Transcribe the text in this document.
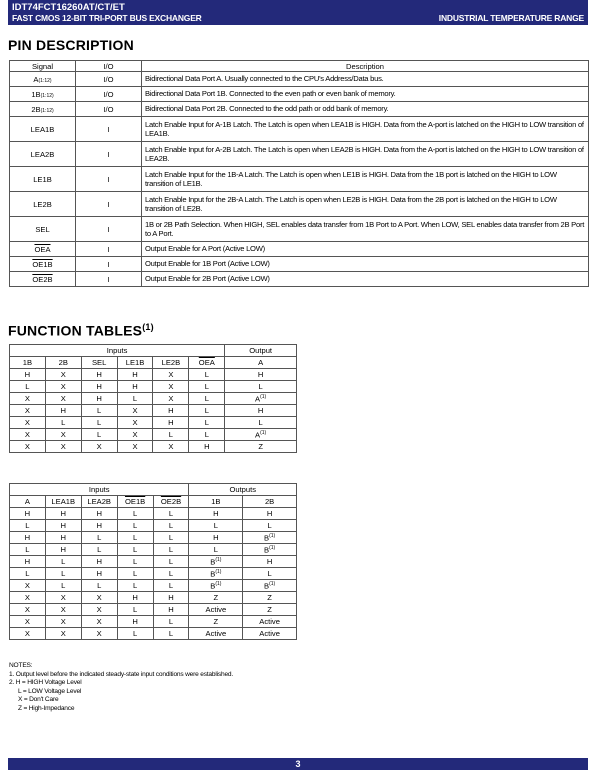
IDT74FCT16260AT/CT/ET
FAST CMOS 12-BIT TRI-PORT BUS EXCHANGER	INDUSTRIAL TEMPERATURE RANGE
PIN DESCRIPTION
Signal	I/O	Description
A(1:12)	I/O	Bidirectional Data Port A. Usually connected to the CPU's Address/Data bus.
1B(1:12)	I/O	Bidirectional Data Port 1B. Connected to the even path or even bank of memory.
2B(1:12)	I/O	Bidirectional Data Port 2B. Connected to the odd path or odd bank of memory.
LEA1B	I	Latch Enable Input for A-1B Latch. The Latch is open when LEA1B is HIGH. Data from the A-port is latched on the HIGH to LOW transition of LEA1B.
LEA2B	I	Latch Enable Input for A-2B Latch. The Latch is open when LEA2B is HIGH. Data from the A-port is latched on the HIGH to LOW transition of LEA2B.
LE1B	I	Latch Enable Input for the 1B-A Latch. The Latch is open when LE1B is HIGH. Data from the 1B port is latched on the HIGH to LOW transition of LE1B.
LE2B	I	Latch Enable Input for the 2B-A Latch. The Latch is open when LE2B is HIGH. Data from the 2B port is latched on the HIGH to LOW transition of LE2B.
SEL	I	1B or 2B Path Selection. When HIGH, SEL enables data transfer from 1B Port to A Port. When LOW, SEL enables data transfer from 2B Port to A Port.
$\overline{OEA}$	I	Output Enable for A Port (Active LOW)
OE1B	I	Output Enable for 1B Port (Active LOW)
OE2B	I	Output Enable for 2B Port (Active LOW)
FUNCTION TABLES$^{(1)}$
Inputs						Output
1B	2B	SEL	LE1B	LE2B	$\overline{OEA}$	A
H	X	H	H	X	L	H
L	X	H	H	X	L	L
X	X	H	L	X	L	$A^{(1)}$
X	H	L	X	H	L	H
X	L	L	X	H	L	L
X	X	L	X	L	L	$A^{(1)}$
X	X	X	X	X	H	Z
Inputs					Outputs	
A	LEA1B	LEA2B	OE1B	OE2B	1B	2B
H	H	H	L	L	H	H
L	H	H	L	L	L	L
H	H	L	L	L	H	$B^{(1)}$
L	H	L	L	L	L	$B^{(1)}$
H	L	H	L	L	$B^{(1)}$	H
L	L	H	L	L	$B^{(1)}$	L
X	L	L	L	L	$B^{(1)}$	$B^{(1)}$
X	X	X	H	H	Z	Z
X	X	X	L	H	Active	Z
X	X	X	H	L	Z	Active
X	X	X	L	L	Active	Active
NOTES:
1. Output level before the indicated steady-state input conditions were established.
2. H = HIGH Voltage Level
L = LOW Voltage Level
X = Don't Care
Z = High-Impedance
3
